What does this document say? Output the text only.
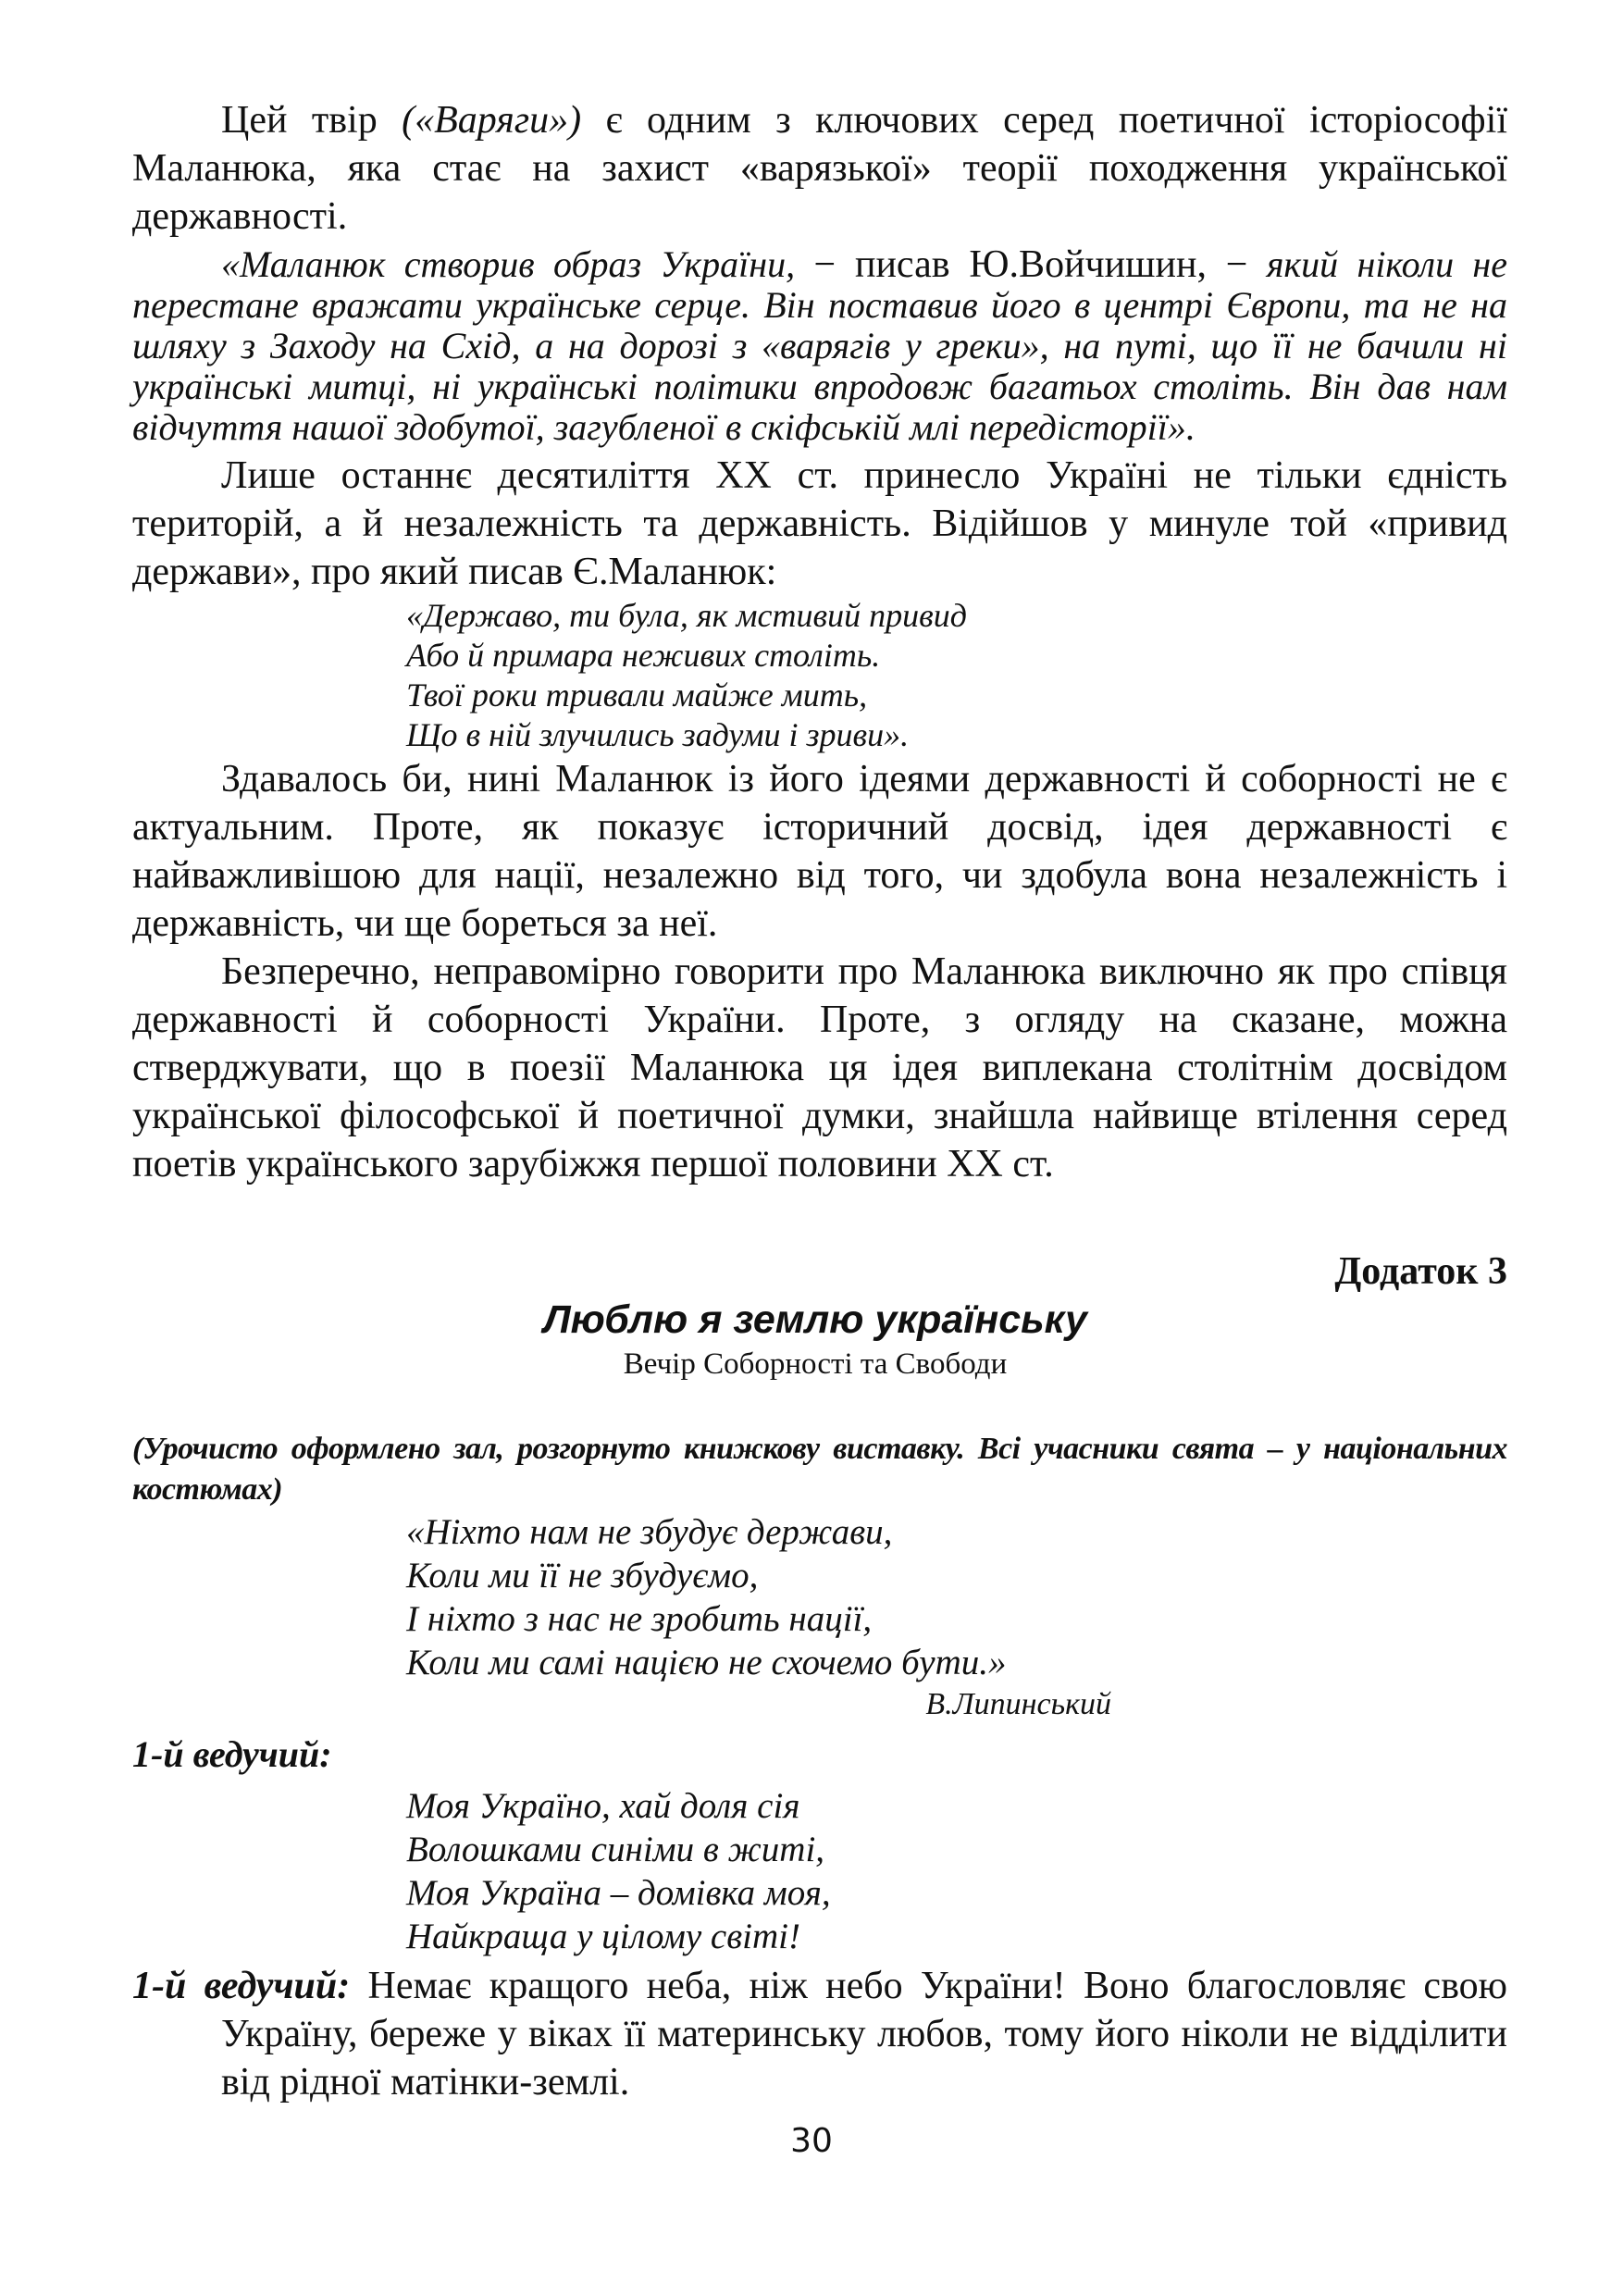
Цей твір («Варяги») є одним з ключових серед поетичної історіософії Маланюка, яка стає на захист «варязької» теорії походження української державності.

«Маланюк створив образ України, − писав Ю.Войчишин, − який ніколи не перестане вражати українське серце. Він поставив його в центрі Європи, та не на шляху з Заходу на Схід, а на дорозі з «варягів у греки», на путі, що її не бачили ні українські митці, ні українські політики впродовж багатьох століть. Він дав нам відчуття нашої здобутої, загубленої в скіфській млі передісторії».

Лише останнє десятиліття ХХ ст. принесло Україні не тільки єдність територій, а й незалежність та державність. Відійшов у минуле той «привид держави», про який писав Є.Маланюк:

«Державо, ти була, як мстивий привид
Або й примара неживих століть.
Твої роки тривали майже мить,
Що в ній злучились задуми і зриви».

Здавалось би, нині Маланюк із його ідеями державності й соборності не є актуальним. Проте, як показує історичний досвід, ідея державності є найважливішою для нації, незалежно від того, чи здобула вона незалежність і державність, чи ще бореться за неї.

Безперечно, неправомірно говорити про Маланюка виключно як про співця державності й соборності України. Проте, з огляду на сказане, можна стверджувати, що в поезії Маланюка ця ідея виплекана столітнім досвідом української філософської й поетичної думки, знайшла найвище втілення серед поетів українського зарубіжжя першої половини ХХ ст.

Додаток 3
Люблю я землю українську
Вечір Соборності та Свободи

(Урочисто оформлено зал, розгорнуто книжкову виставку. Всі учасники свята – у національних костюмах)

«Ніхто нам не збудує держави,
Коли ми її не збудуємо,
І ніхто з нас не зробить нації,
Коли ми самі нацією не схочемо бути.»
В.Липинський
1-й ведучий:
Моя Україно, хай доля сія
Волошками синіми в житі,
Моя Україна – домівка моя,
Найкраща у цілому світі!

1-й ведучий: Немає кращого неба, ніж небо України! Воно благословляє свою Україну, береже у віках її материнську любов, тому його ніколи не відділити від рідної матінки-землі.

30
